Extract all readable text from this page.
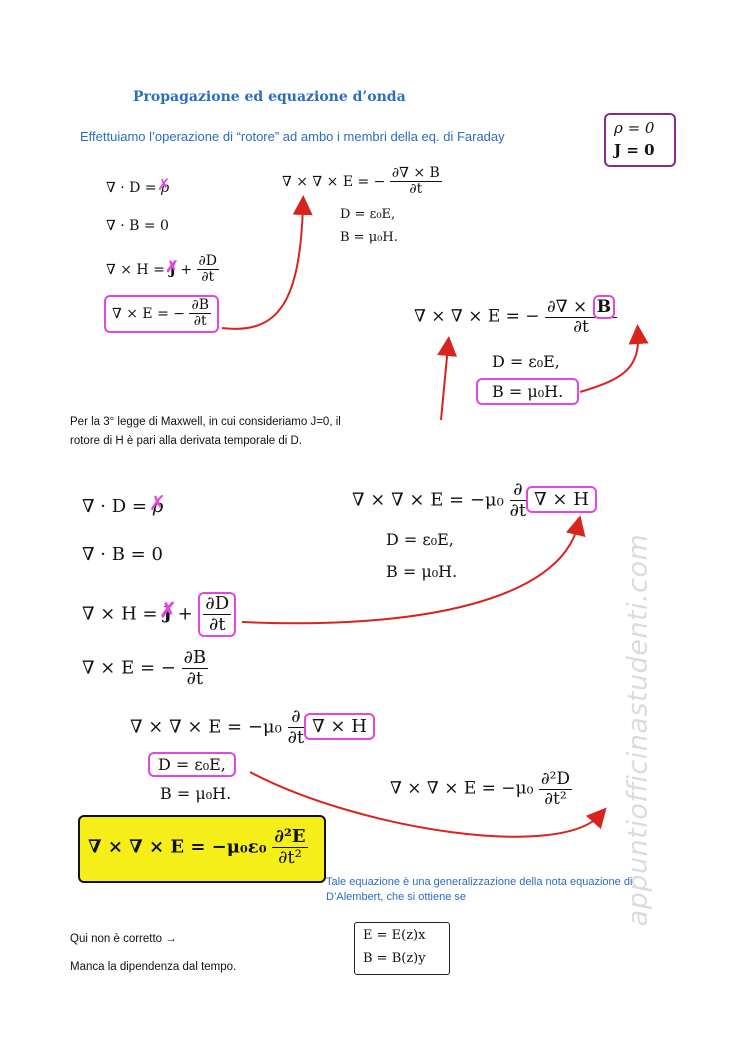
Propagazione ed equazione d’onda
Effettuiamo l’operazione di “rotore” ad ambo i membri della eq. di Faraday	ρ = 0
J = 0
∇ · D = ρ ✗
∇ · B = 0
∇ × H = J ✗ + $\frac{\partial D}{\partial t}$
∇ × E = − $\frac{\partial B}{\partial t}$
∇ × ∇ × E = − $\frac{\partial\nabla \times B}{\partial t}$
D = ε₀E,
B = μ₀H.
∇ × ∇ × E = − $\frac{\partial\nabla \times B}{\partial t}$
D = ε₀E,
B = μ₀H.
Per la 3° legge di Maxwell, in cui consideriamo J=0, il
rotore di H è pari alla derivata temporale di D.
∇ · D = ρ ✗
∇ · B = 0
∇ × H = J ✗ + $\frac{\partial D}{\partial t}$
∇ × E = − $\frac{\partial B}{\partial t}$
∇ × ∇ × $E = -\mu_0 \frac{\partial}{\partial t}$ ∇ × H
D = ε₀E,
B = μ₀H.
∇ × ∇ × $E = -\mu_0 \frac{\partial}{\partial t}$ ∇ × H
D = ε₀E,
B = μ₀H.	∇ × ∇ × $E = -\mu_0 \frac{\text{∂²D}}{\text{∂t²}}$
∇ × ∇ × $E = -\mu_0\varepsilon_0 \frac{\text{∂²E}}{\text{∂t²}}$
Tale equazione è una generalizzazione della nota equazione di
D’Alembert, che si ottiene se
Qui non è corretto →
Manca la dipendenza dal tempo.
E = E(z)x
B = B(z)y
appuntiofficinastudenti.com
